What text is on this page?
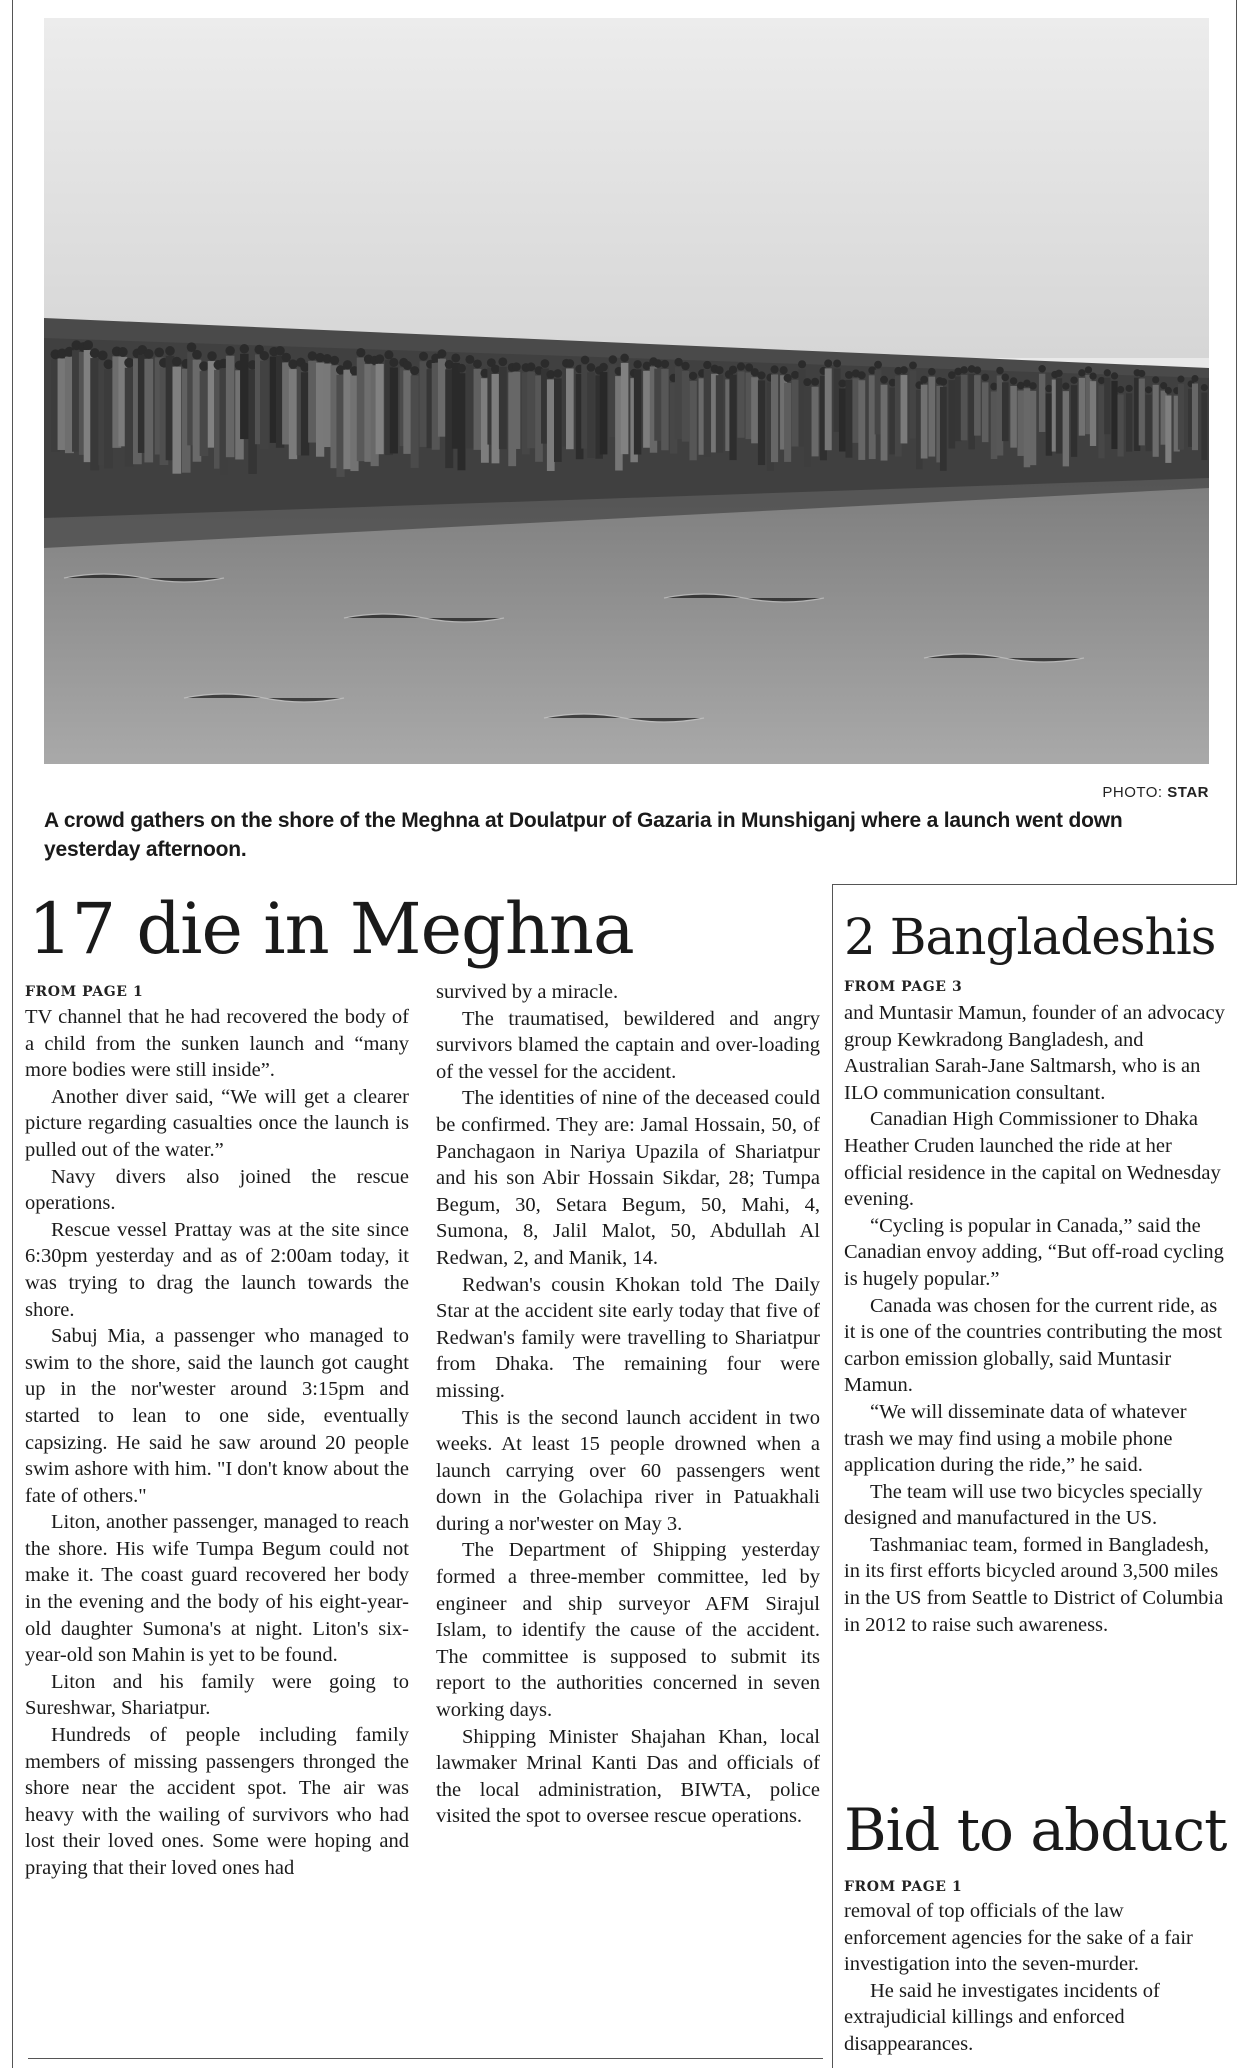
PHOTO: STAR
A crowd gathers on the shore of the Meghna at Doulatpur of Gazaria in Munshiganj where a launch went down yesterday afternoon.
17 die in Meghna
FROM PAGE 1

TV channel that he had recovered the body of a child from the sunken launch and “many more bodies were still inside”.

Another diver said, “We will get a clearer picture regarding casualties once the launch is pulled out of the water.”

Navy divers also joined the rescue operations.

Rescue vessel Prattay was at the site since 6:30pm yesterday and as of 2:00am today, it was trying to drag the launch towards the shore.

Sabuj Mia, a passenger who managed to swim to the shore, said the launch got caught up in the nor'wester around 3:15pm and started to lean to one side, eventually capsizing. He said he saw around 20 people swim ashore with him. "I don't know about the fate of others."

Liton, another passenger, managed to reach the shore. His wife Tumpa Begum could not make it. The coast guard recovered her body in the evening and the body of his eight-year-old daughter Sumona's at night. Liton's six-year-old son Mahin is yet to be found.

Liton and his family were going to Sureshwar, Shariatpur.

Hundreds of people including family members of missing passengers thronged the shore near the accident spot. The air was heavy with the wailing of survivors who had lost their loved ones. Some were hoping and praying that their loved ones had

survived by a miracle.

The traumatised, bewildered and angry survivors blamed the captain and over-loading of the vessel for the accident.

The identities of nine of the deceased could be confirmed. They are: Jamal Hossain, 50, of Panchagaon in Nariya Upazila of Shariatpur and his son Abir Hossain Sikdar, 28; Tumpa Begum, 30, Setara Begum, 50, Mahi, 4, Sumona, 8, Jalil Malot, 50, Abdullah Al Redwan, 2, and Manik, 14.

Redwan's cousin Khokan told The Daily Star at the accident site early today that five of Redwan's family were travelling to Shariatpur from Dhaka. The remaining four were missing.

This is the second launch accident in two weeks. At least 15 people drowned when a launch carrying over 60 passengers went down in the Golachipa river in Patuakhali during a nor'wester on May 3.

The Department of Shipping yesterday formed a three-member committee, led by engineer and ship surveyor AFM Sirajul Islam, to identify the cause of the accident. The committee is supposed to submit its report to the authorities concerned in seven working days.

Shipping Minister Shajahan Khan, local lawmaker Mrinal Kanti Das and officials of the local administration, BIWTA, police visited the spot to oversee rescue operations.

2 Bangladeshis
FROM PAGE 3

and Muntasir Mamun, founder of an advocacy group Kewkradong Bangladesh, and Australian Sarah-Jane Saltmarsh, who is an ILO communication consultant.

Canadian High Commissioner to Dhaka Heather Cruden launched the ride at her official residence in the capital on Wednesday evening.

“Cycling is popular in Canada,” said the Canadian envoy adding, “But off-road cycling is hugely popular.”

Canada was chosen for the current ride, as it is one of the countries contributing the most carbon emission globally, said Muntasir Mamun.

“We will disseminate data of whatever trash we may find using a mobile phone application during the ride,” he said.

The team will use two bicycles specially designed and manufactured in the US.

Tashmaniac team, formed in Bangladesh, in its first efforts bicycled around 3,500 miles in the US from Seattle to District of Columbia in 2012 to raise such awareness.

Bid to abduct
FROM PAGE 1

removal of top officials of the law enforcement agencies for the sake of a fair investigation into the seven-murder.

He said he investigates incidents of extrajudicial killings and enforced disappearances.
